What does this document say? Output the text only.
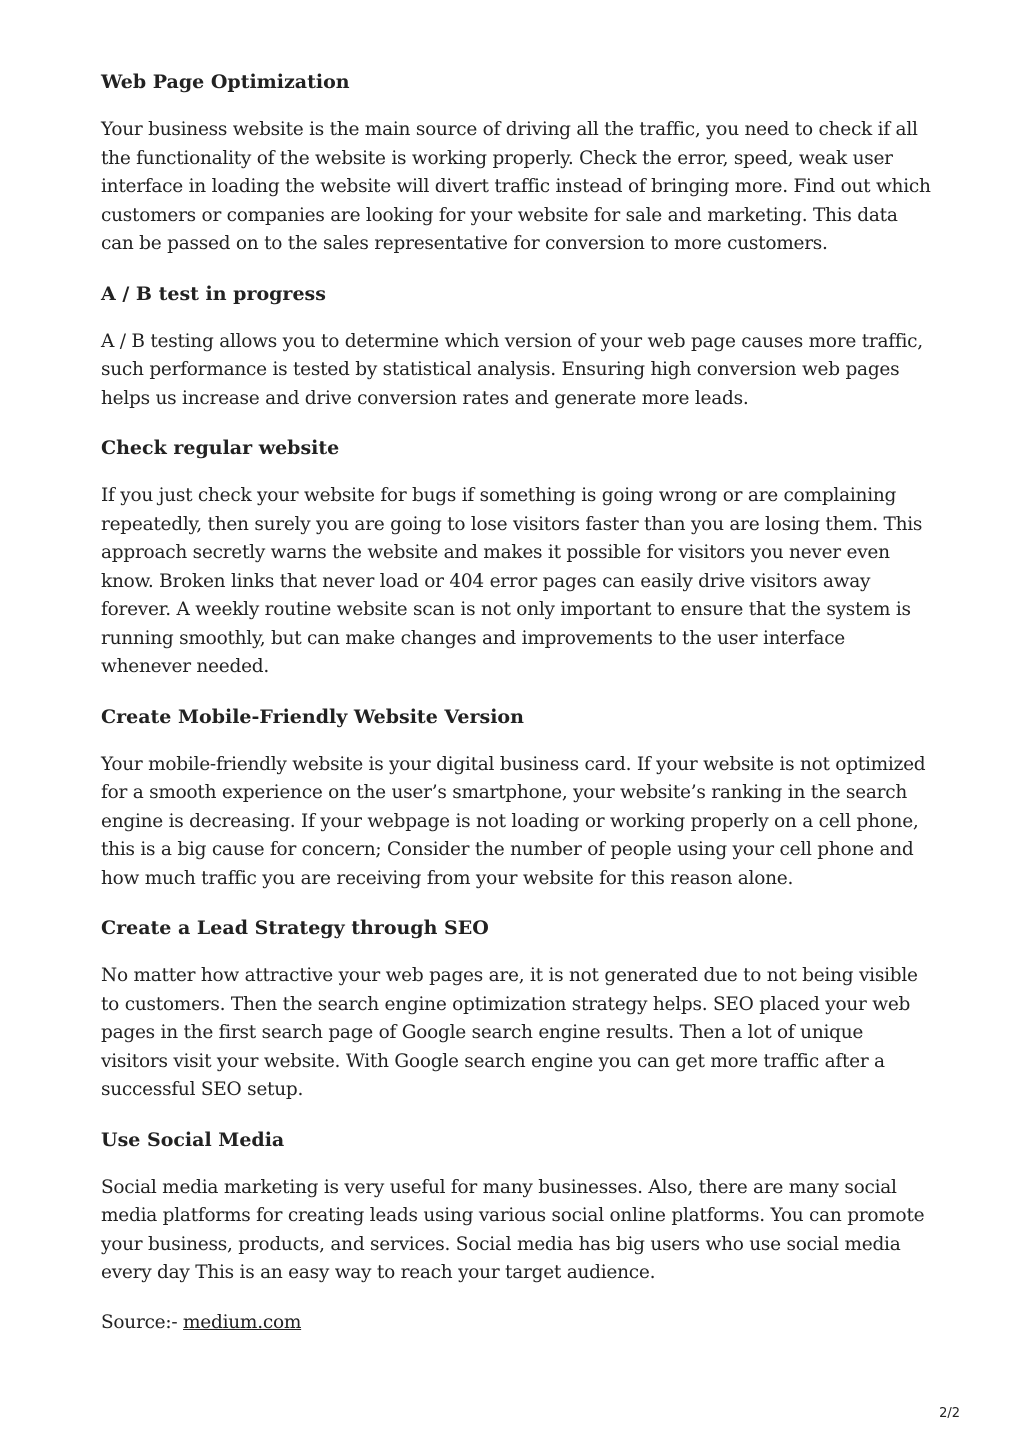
Web Page Optimization

Your business website is the main source of driving all the traffic, you need to check if all the functionality of the website is working properly. Check the error, speed, weak user interface in loading the website will divert traffic instead of bringing more. Find out which customers or companies are looking for your website for sale and marketing. This data can be passed on to the sales representative for conversion to more customers.

A / B test in progress

A / B testing allows you to determine which version of your web page causes more traffic, such performance is tested by statistical analysis. Ensuring high conversion web pages helps us increase and drive conversion rates and generate more leads.

Check regular website

If you just check your website for bugs if something is going wrong or are complaining repeatedly, then surely you are going to lose visitors faster than you are losing them. This approach secretly warns the website and makes it possible for visitors you never even know. Broken links that never load or 404 error pages can easily drive visitors away forever. A weekly routine website scan is not only important to ensure that the system is running smoothly, but can make changes and improvements to the user interface whenever needed.

Create Mobile-Friendly Website Version

Your mobile-friendly website is your digital business card. If your website is not optimized for a smooth experience on the user’s smartphone, your website’s ranking in the search engine is decreasing. If your webpage is not loading or working properly on a cell phone, this is a big cause for concern; Consider the number of people using your cell phone and how much traffic you are receiving from your website for this reason alone.

Create a Lead Strategy through SEO

No matter how attractive your web pages are, it is not generated due to not being visible to customers. Then the search engine optimization strategy helps. SEO placed your web pages in the first search page of Google search engine results. Then a lot of unique visitors visit your website. With Google search engine you can get more traffic after a successful SEO setup.

Use Social Media

Social media marketing is very useful for many businesses. Also, there are many social media platforms for creating leads using various social online platforms. You can promote your business, products, and services. Social media has big users who use social media every day This is an easy way to reach your target audience.

Source:- medium.com

2/2
